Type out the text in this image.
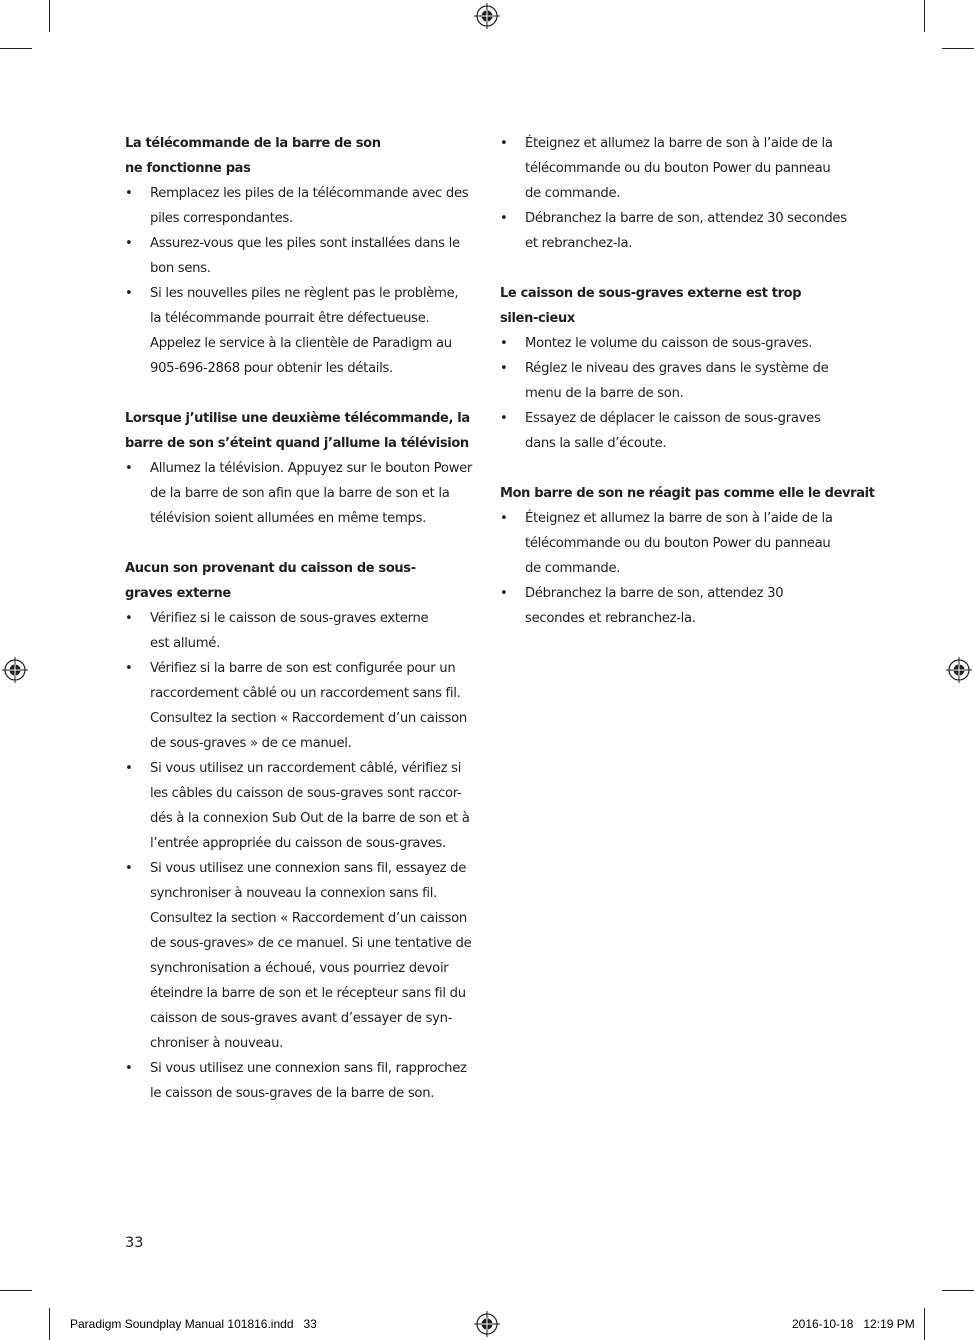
La télécommande de la barre de son ne fonctionne pas

• Remplacez les piles de la télécommande avec des piles correspondantes.
• Assurez-vous que les piles sont installées dans le bon sens.
• Si les nouvelles piles ne règlent pas le problème, la télécommande pourrait être défectueuse. Appelez le service à la clientèle de Paradigm au 905-696-2868 pour obtenir les détails.

Lorsque j’utilise une deuxième télécommande, la barre de son s’éteint quand j’allume la télévision

• Allumez la télévision. Appuyez sur le bouton Power de la barre de son afin que la barre de son et la télévision soient allumées en même temps.

Aucun son provenant du caisson de sous-graves externe

• Vérifiez si le caisson de sous-graves externe est allumé.
• Vérifiez si la barre de son est configurée pour un raccordement câblé ou un raccordement sans fil. Consultez la section « Raccordement d’un caisson de sous-graves » de ce manuel.
• Si vous utilisez un raccordement câblé, vérifiez si les câbles du caisson de sous-graves sont raccor-dés à la connexion Sub Out de la barre de son et à l’entrée appropriée du caisson de sous-graves.
• Si vous utilisez une connexion sans fil, essayez de synchroniser à nouveau la connexion sans fil. Consultez la section « Raccordement d’un caisson de sous-graves» de ce manuel. Si une tentative de synchronisation a échoué, vous pourriez devoir éteindre la barre de son et le récepteur sans fil du caisson de sous-graves avant d’essayer de syn-chroniser à nouveau.
• Si vous utilisez une connexion sans fil, rapprochez le caisson de sous-graves de la barre de son.
• Éteignez et allumez la barre de son à l’aide de la télécommande ou du bouton Power du panneau de commande.
• Débranchez la barre de son, attendez 30 secondes et rebranchez-la.

Le caisson de sous-graves externe est trop silen-cieux

• Montez le volume du caisson de sous-graves.
• Réglez le niveau des graves dans le système de menu de la barre de son.
• Essayez de déplacer le caisson de sous-graves dans la salle d’écoute.

Mon barre de son ne réagit pas comme elle le devrait

• Éteignez et allumez la barre de son à l’aide de la télécommande ou du bouton Power du panneau de commande.
• Débranchez la barre de son, attendez 30 secondes et rebranchez-la.
33
Paradigm Soundplay Manual 101816.indd   33	2016-10-18   12:19 PM
